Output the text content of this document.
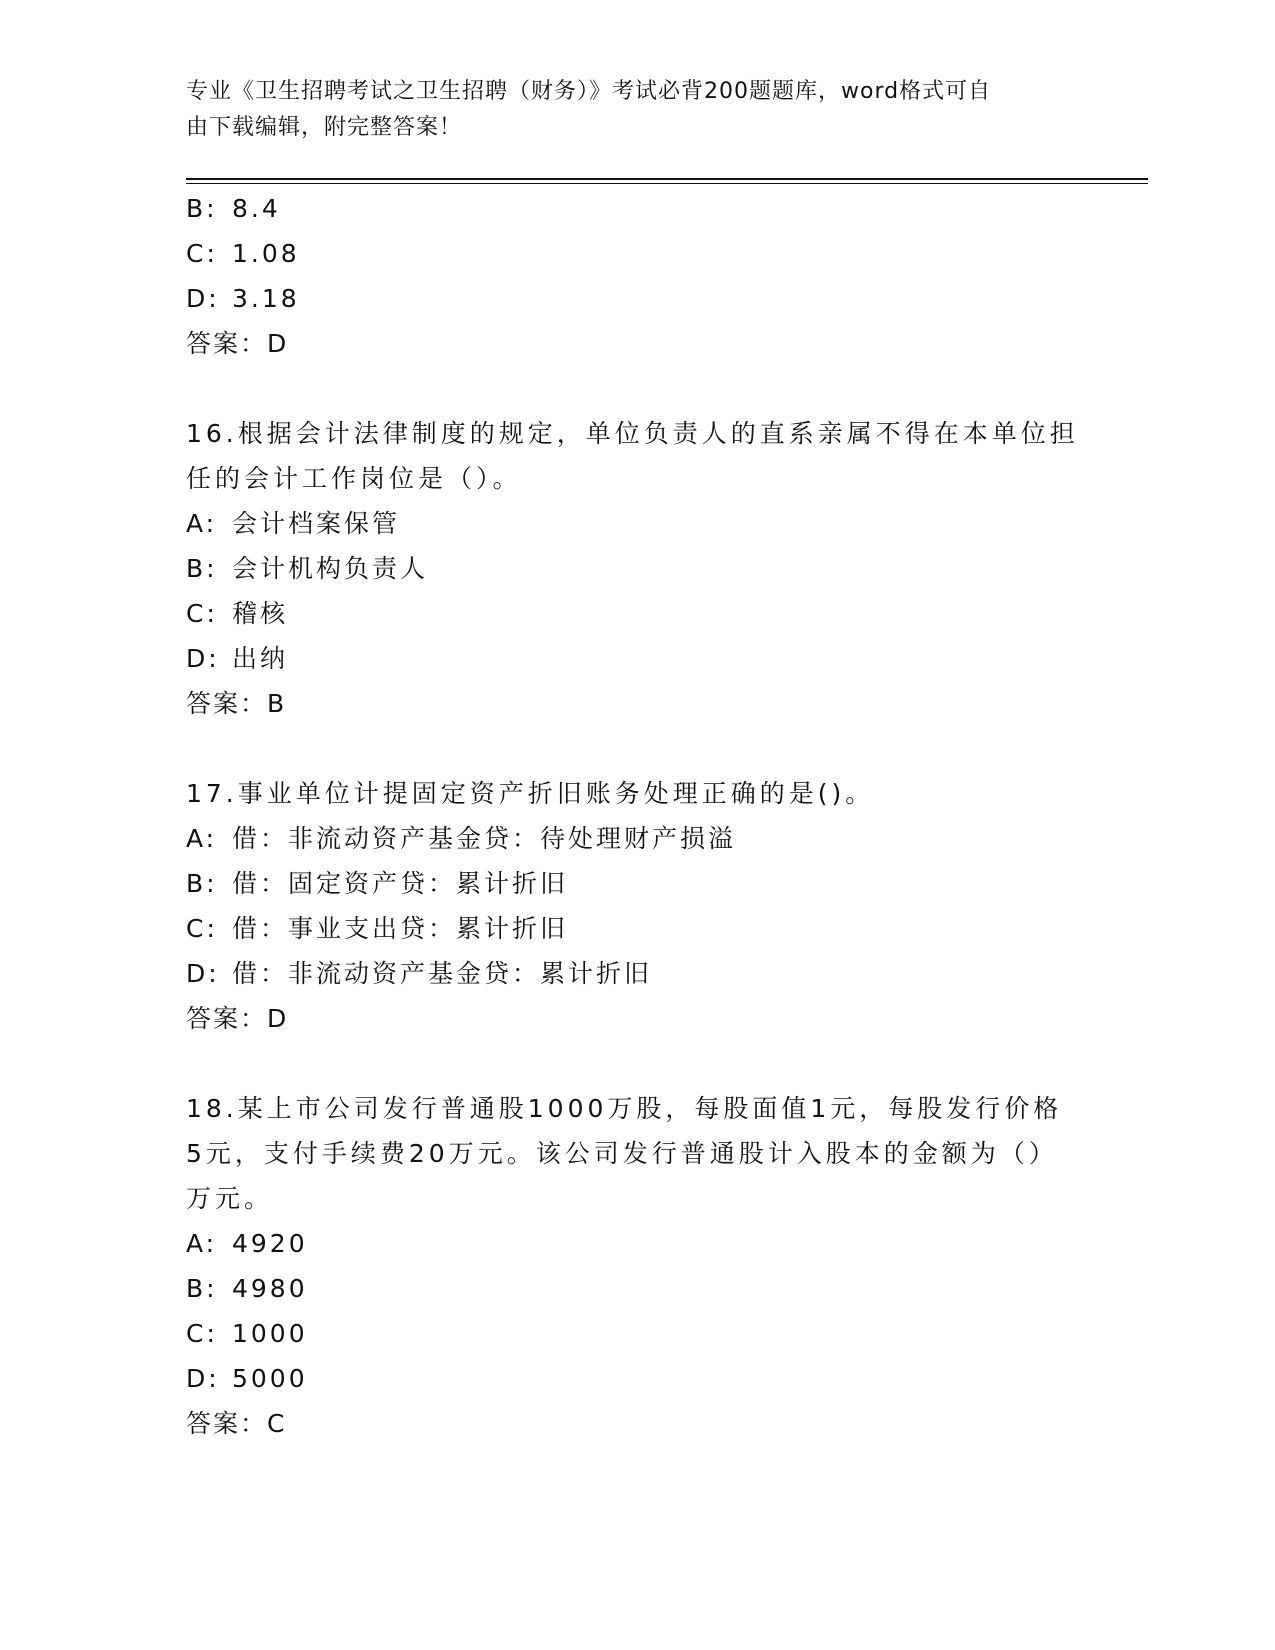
专业《卫生招聘考试之卫生招聘（财务）》考试必背200题题库，word格式可自
由下载编辑，附完整答案！
B: 8.4
C: 1.08
D: 3.18
答案：D
16.根据会计法律制度的规定，单位负责人的直系亲属不得在本单位担
任的会计工作岗位是（）。
A: 会计档案保管
B: 会计机构负责人
C: 稽核
D: 出纳
答案：B
17.事业单位计提固定资产折旧账务处理正确的是()。
A: 借：非流动资产基金贷：待处理财产损溢
B: 借：固定资产贷：累计折旧
C: 借：事业支出贷：累计折旧
D: 借：非流动资产基金贷：累计折旧
答案：D
18.某上市公司发行普通股1000万股，每股面值1元，每股发行价格
5元，支付手续费20万元。该公司发行普通股计入股本的金额为（）
万元。
A: 4920
B: 4980
C: 1000
D: 5000
答案：C
